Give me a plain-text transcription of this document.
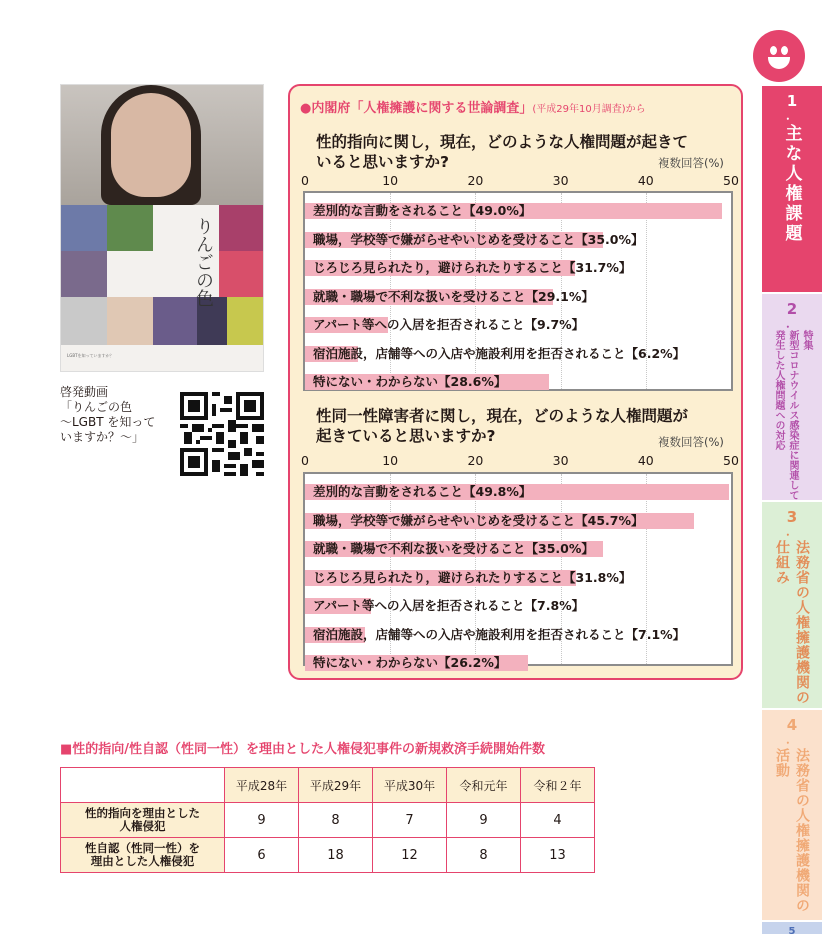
1
．
主な人権課題
2
．
特集
新型コロナウイルス感染症に関連して
発生した人権問題への対応
3
．
法務省の人権擁護機関の仕組み
4
．
法務省の人権擁護機関の活動
5
りんごの色
LGBTを知っていますか？
啓発動画
「りんごの色
～LGBT を知って
いますか？～」
●内閣府「人権擁護に関する世論調査」(平成29年10月調査)から
性的指向に関し，現在，どのような人権問題が起きて
いると思いますか?	複数回答(%)
0	10	20	30	40	50
差別的な言動をされること【49.0%】
職場，学校等で嫌がらせやいじめを受けること【35.0%】
じろじろ見られたり，避けられたりすること【31.7%】
就職・職場で不利な扱いを受けること【29.1%】
アパート等への入居を拒否されること【9.7%】
宿泊施設，店舗等への入店や施設利用を拒否されること【6.2%】
特にない・わからない【28.6%】
性同一性障害者に関し，現在，どのような人権問題が
起きていると思いますか?	複数回答(%)
0	10	20	30	40	50
差別的な言動をされること【49.8%】
職場，学校等で嫌がらせやいじめを受けること【45.7%】
就職・職場で不利な扱いを受けること【35.0%】
じろじろ見られたり，避けられたりすること【31.8%】
アパート等への入居を拒否されること【7.8%】
宿泊施設，店舗等への入店や施設利用を拒否されること【7.1%】
特にない・わからない【26.2%】
■性的指向/性自認（性同一性）を理由とした人権侵犯事件の新規救済手続開始件数
	平成28年	平成29年	平成30年	令和元年	令和２年

性的指向を理由とした
人権侵犯	9	8	7	9	4

性自認（性同一性）を
理由とした人権侵犯	6	18	12	8	13
